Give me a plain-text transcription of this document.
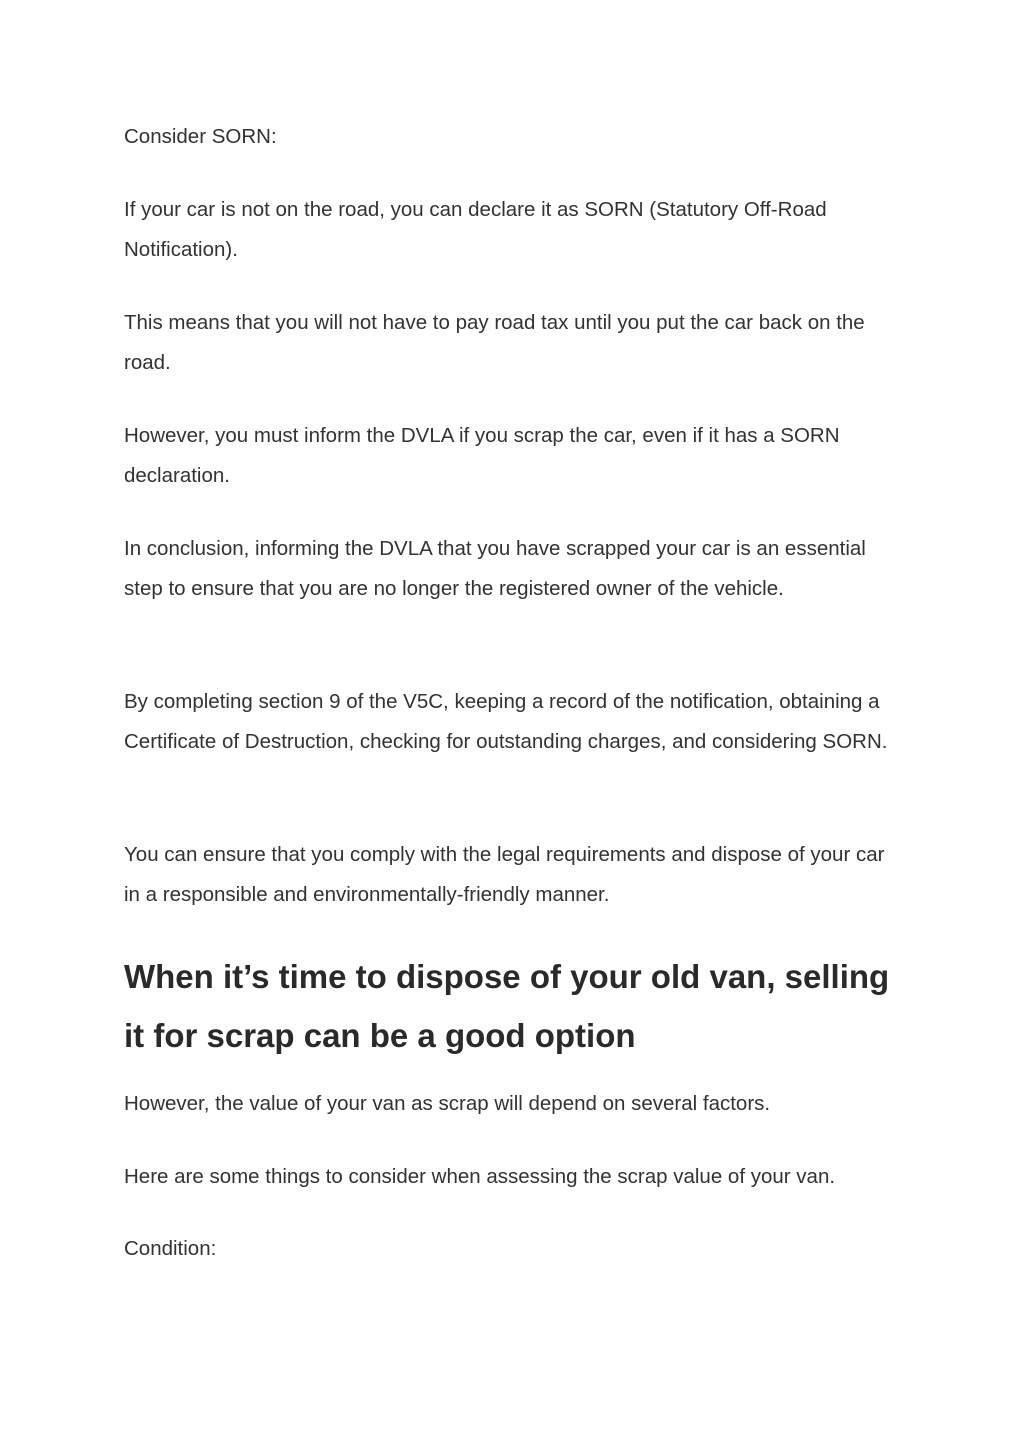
Consider SORN:

If your car is not on the road, you can declare it as SORN (Statutory Off-Road Notification).

This means that you will not have to pay road tax until you put the car back on the road.

However, you must inform the DVLA if you scrap the car, even if it has a SORN declaration.

In conclusion, informing the DVLA that you have scrapped your car is an essential step to ensure that you are no longer the registered owner of the vehicle.

By completing section 9 of the V5C, keeping a record of the notification, obtaining a Certificate of Destruction, checking for outstanding charges, and considering SORN.

You can ensure that you comply with the legal requirements and dispose of your car in a responsible and environmentally-friendly manner.

When it’s time to dispose of your old van, selling it for scrap can be a good option

However, the value of your van as scrap will depend on several factors.

Here are some things to consider when assessing the scrap value of your van.

Condition:
